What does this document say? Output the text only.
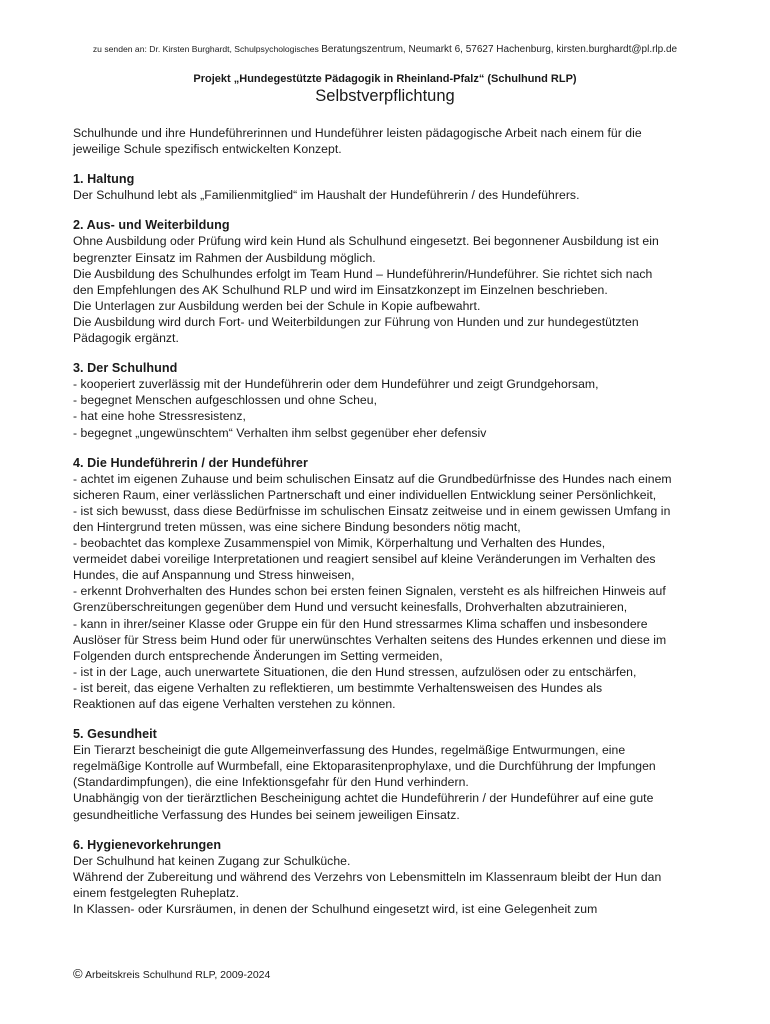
zu senden an: Dr. Kirsten Burghardt, Schulpsychologisches Beratungszentrum, Neumarkt 6, 57627 Hachenburg, kirsten.burghardt@pl.rlp.de
Projekt „Hundegestützte Pädagogik in Rheinland-Pfalz“ (Schulhund RLP)
Selbstverpflichtung

Schulhunde und ihre Hundeführerinnen und Hundeführer leisten pädagogische Arbeit nach einem für die

jeweilige Schule spezifisch entwickelten Konzept.

1. Haltung

Der Schulhund lebt als „Familienmitglied“ im Haushalt der Hundeführerin / des Hundeführers.

2. Aus- und Weiterbildung

Ohne Ausbildung oder Prüfung wird kein Hund als Schulhund eingesetzt. Bei begonnener Ausbildung ist ein

begrenzter Einsatz im Rahmen der Ausbildung möglich.

Die Ausbildung des Schulhundes erfolgt im Team Hund – Hundeführerin/Hundeführer. Sie richtet sich nach

den Empfehlungen des AK Schulhund RLP und wird im Einsatzkonzept im Einzelnen beschrieben.

Die Unterlagen zur Ausbildung werden bei der Schule in Kopie aufbewahrt.

Die Ausbildung wird durch Fort- und Weiterbildungen zur Führung von Hunden und zur hundegestützten

Pädagogik ergänzt.

3. Der Schulhund

- kooperiert zuverlässig mit der Hundeführerin oder dem Hundeführer und zeigt Grundgehorsam,

- begegnet Menschen aufgeschlossen und ohne Scheu,

- hat eine hohe Stressresistenz,

- begegnet „ungewünschtem“ Verhalten ihm selbst gegenüber eher defensiv

4. Die Hundeführerin / der Hundeführer

- achtet im eigenen Zuhause und beim schulischen Einsatz auf die Grundbedürfnisse des Hundes nach einem

sicheren Raum, einer verlässlichen Partnerschaft und einer individuellen Entwicklung seiner Persönlichkeit,

- ist sich bewusst, dass diese Bedürfnisse im schulischen Einsatz zeitweise und in einem gewissen Umfang in

den Hintergrund treten müssen, was eine sichere Bindung besonders nötig macht,

- beobachtet das komplexe Zusammenspiel von Mimik, Körperhaltung und Verhalten des Hundes,

vermeidet dabei voreilige Interpretationen und reagiert sensibel auf kleine Veränderungen im Verhalten des

Hundes, die auf Anspannung und Stress hinweisen,

- erkennt Drohverhalten des Hundes schon bei ersten feinen Signalen, versteht es als hilfreichen Hinweis auf

Grenzüberschreitungen gegenüber dem Hund und versucht keinesfalls, Drohverhalten abzutrainieren,

- kann in ihrer/seiner Klasse oder Gruppe ein für den Hund stressarmes Klima schaffen und insbesondere

Auslöser für Stress beim Hund oder für unerwünschtes Verhalten seitens des Hundes erkennen und diese im

Folgenden durch entsprechende Änderungen im Setting vermeiden,

- ist in der Lage, auch unerwartete Situationen, die den Hund stressen, aufzulösen oder zu entschärfen,

- ist bereit, das eigene Verhalten zu reflektieren, um bestimmte Verhaltensweisen des Hundes als

Reaktionen auf das eigene Verhalten verstehen zu können.

5. Gesundheit

Ein Tierarzt bescheinigt die gute Allgemeinverfassung des Hundes, regelmäßige Entwurmungen, eine

regelmäßige Kontrolle auf Wurmbefall, eine Ektoparasitenprophylaxe, und die Durchführung der Impfungen

(Standardimpfungen), die eine Infektionsgefahr für den Hund verhindern.

Unabhängig von der tierärztlichen Bescheinigung achtet die Hundeführerin / der Hundeführer auf eine gute

gesundheitliche Verfassung des Hundes bei seinem jeweiligen Einsatz.

6. Hygienevorkehrungen

Der Schulhund hat keinen Zugang zur Schulküche.

Während der Zubereitung und während des Verzehrs von Lebensmitteln im Klassenraum bleibt der Hun dan

einem festgelegten Ruheplatz.

In Klassen- oder Kursräumen, in denen der Schulhund eingesetzt wird, ist eine Gelegenheit zum

© Arbeitskreis Schulhund RLP, 2009-2024
